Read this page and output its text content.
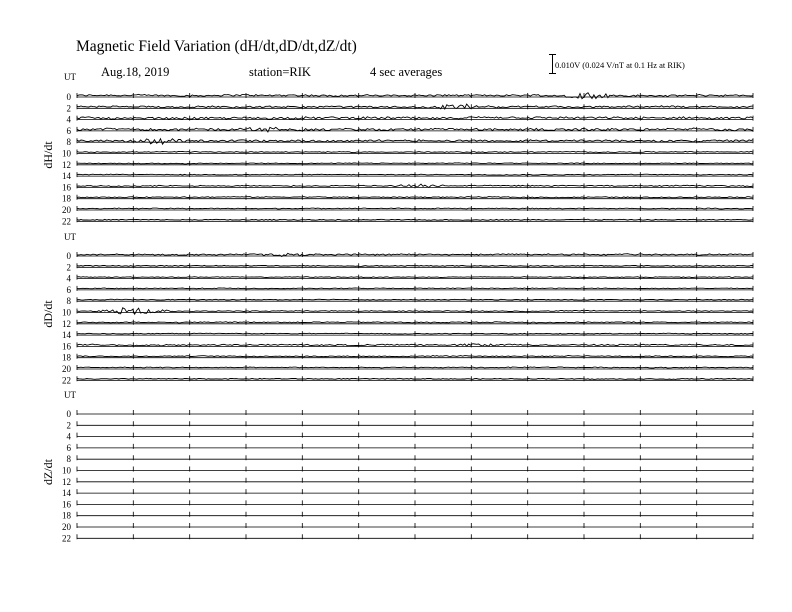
Magnetic Field Variation (dH/dt,dD/dt,dZ/dt)
Aug.18, 2019	station=RIK	4 sec averages	0.010V (0.024 V/nT at 0.1 Hz at RIK)
UT
dH/dt
0
2
4
6
8
10
12
14
16
18
20
22
UT
dD/dt
0
2
4
6
8
10
12
14
16
18
20
22
UT
dZ/dt
0
2
4
6
8
10
12
14
16
18
20
22
